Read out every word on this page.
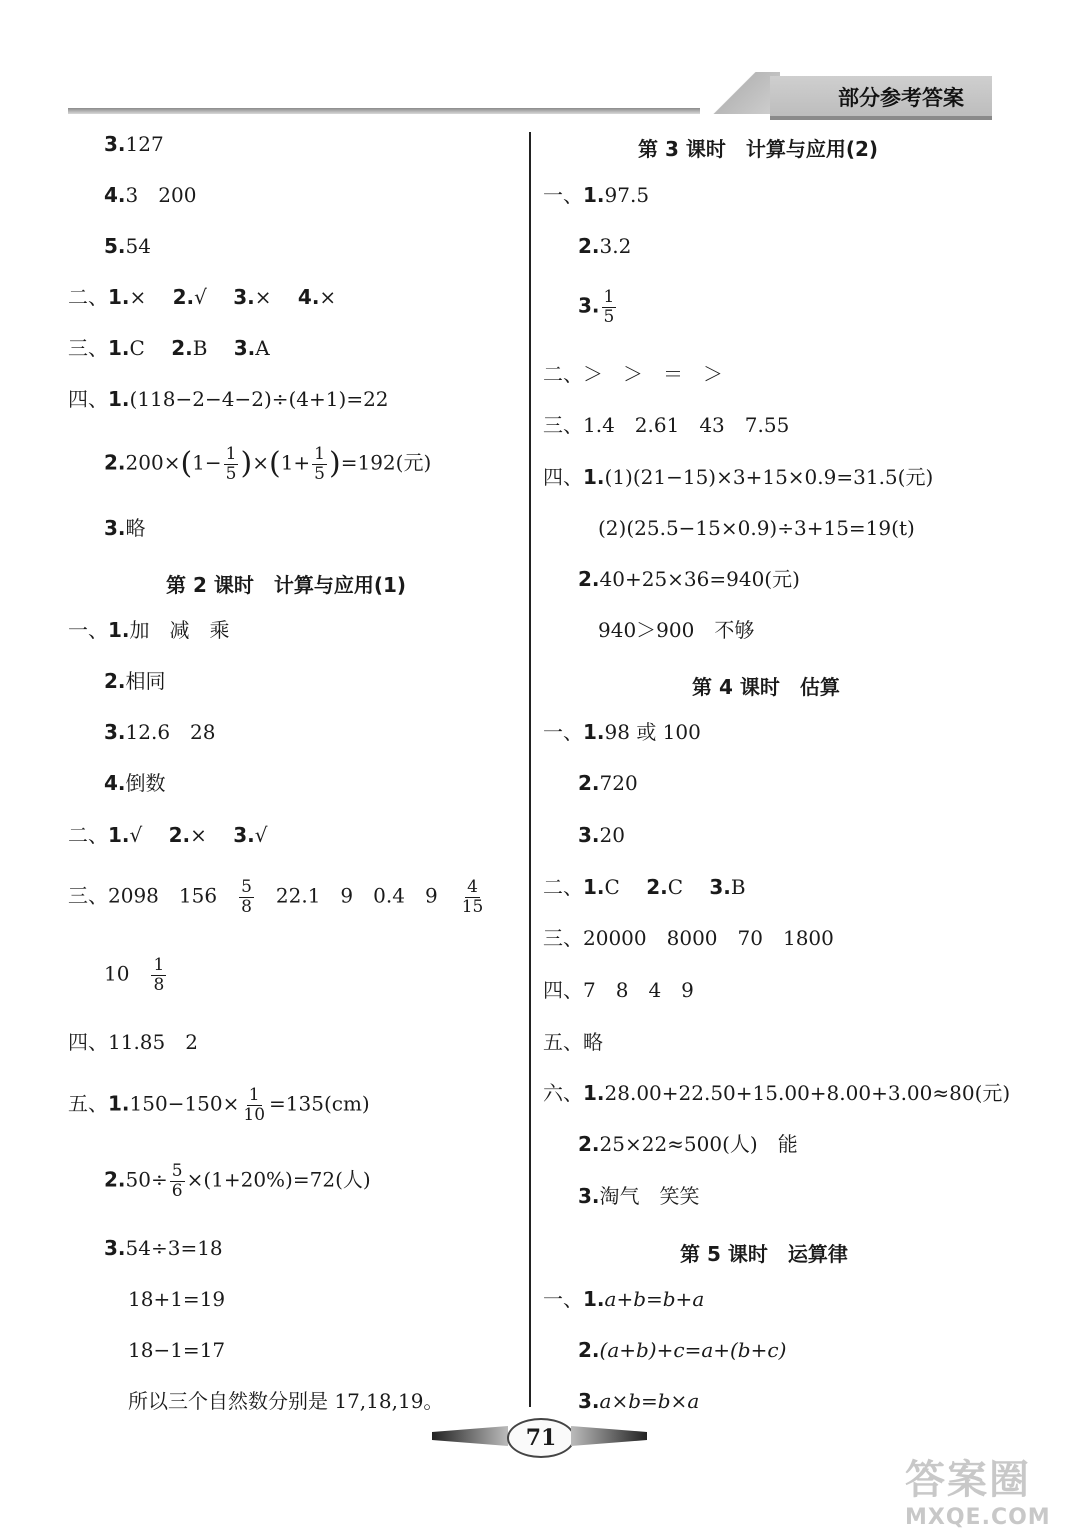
部分参考答案
3.127
4.3　200
5.54
二、1.×　 2.√　 3.×　 4.×
三、1.C　 2.B　 3.A
四、1.(118−2−4−2)÷(4+1)=22
$2.200\times(1- \frac{1}{5} )\times(1+ \frac{1}{5} )=192$(元)
3.略
第 2 课时　计算与应用(1)
一、1.加　减　乘
2.相同
3.12.6　28
4.倒数
二、1.√　 2.×　 3.√
三、2098　156　 $\frac{5}{8}$
　 22.1　9　0.4　9　 $\frac{4}{15}$
10　 $\frac{1}{8}$
四、11.85　2
五、$1.150-150\times \frac{1}{10} =135(cm)$
$2.50\div \frac{5}{6} \times(1+20\%)=72$(人)
3.54÷3=18
18+1=19
18−1=17
所以三个自然数分别是 17,18,19。
第 3 课时　计算与应用(2)
一、1.97.5
2.3.2
3. $\frac{1}{5}$
二、＞　＞　＝　＞
三、1.4　2.61　43　7.55
四、1.(1)(21−15)×3+15×0.9=31.5(元)
(2)(25.5−15×0.9)÷3+15=19(t)
2.40+25×36=940(元)
940＞900　不够
第 4 课时　估算
一、1.98 或 100
2.720
3.20
二、1.C　 2.C　 3.B
三、20000　8000　70　1800
四、7　8　4　9
五、略
六、1.28.00+22.50+15.00+8.00+3.00≈80(元)
2.25×22≈500(人)　能
3.淘气　笑笑
第 5 课时　运算律
一、1.a+b=b+a
2.(a+b)+c=a+(b+c)
3.a×b=b×a
71
答案圈
MXQE.COM
